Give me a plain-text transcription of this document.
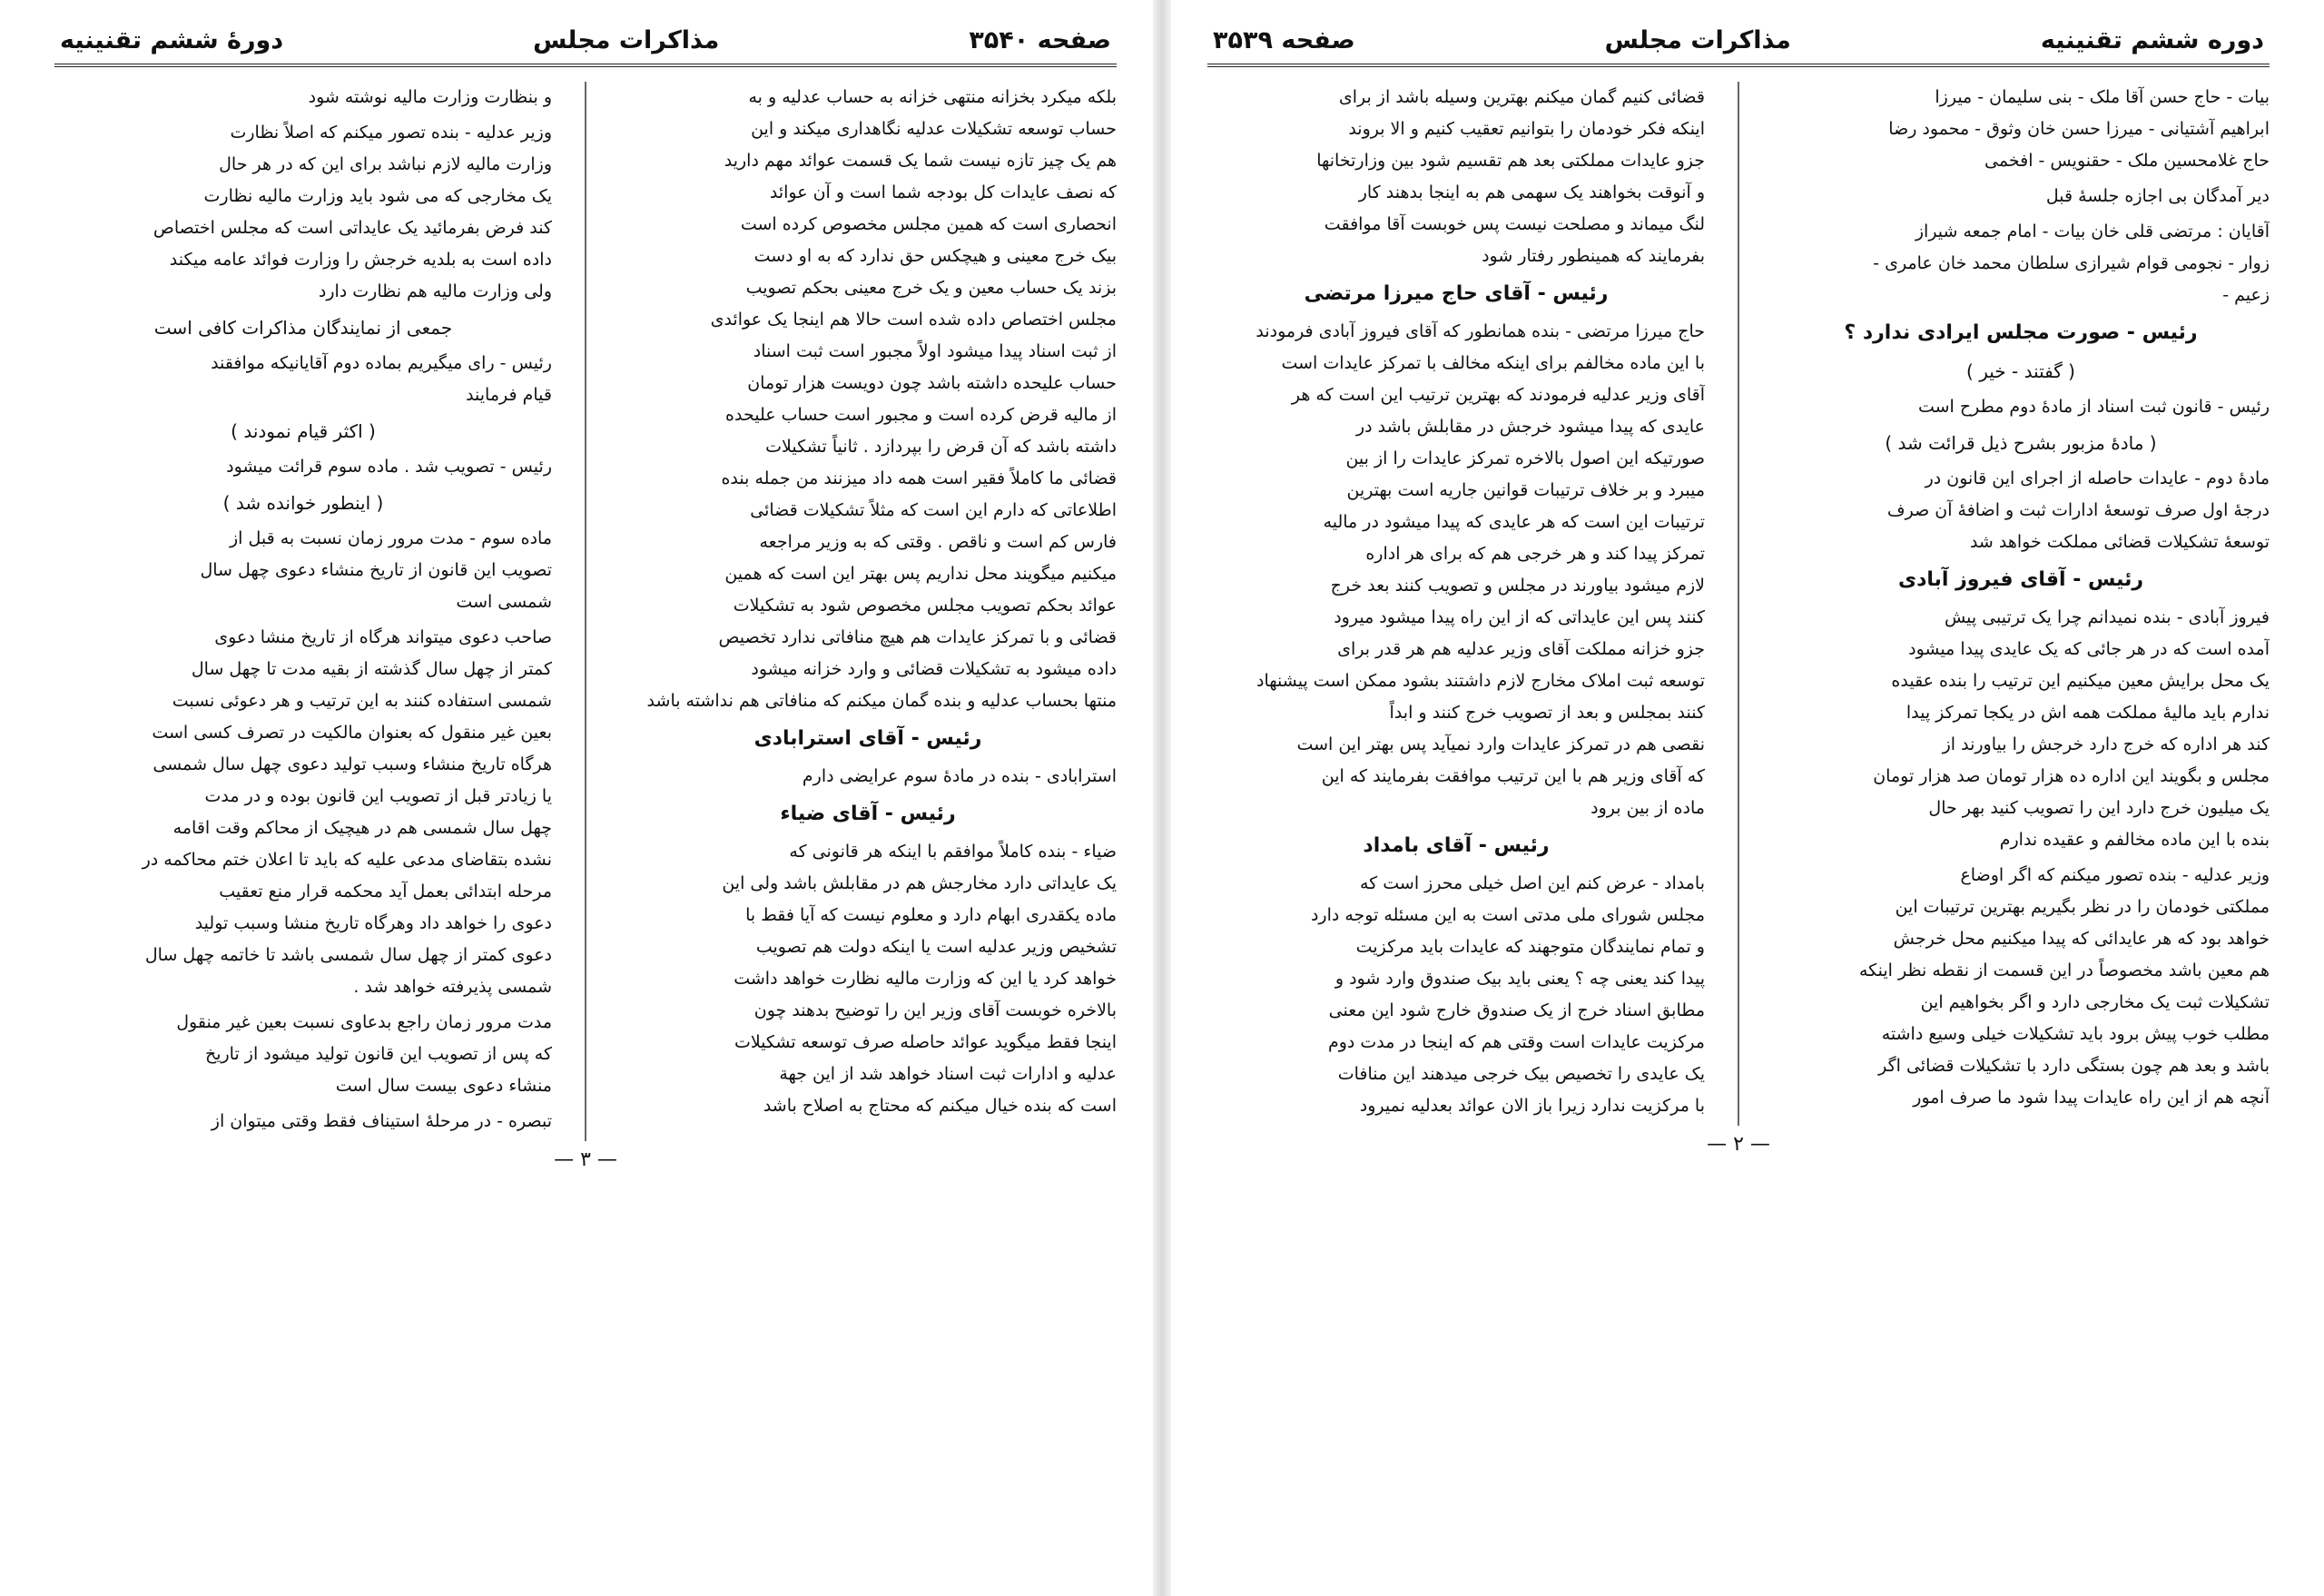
صفحه ۳۵۴۰
مذاکرات مجلس
دورهٔ ششم تقنینیه
بلکه میکرد بخزانه منتهی خزانه به حساب عدلیه و به
حساب توسعه تشکیلات عدلیه نگاهداری میکند و این
هم یک چیز تازه نیست شما یک قسمت عوائد مهم دارید
که نصف عایدات کل بودجه شما است و آن عوائد
انحصاری است که همین مجلس مخصوص کرده است
بیک خرج معینی و هیچکس حق ندارد که به او دست
بزند یک حساب معین و یک خرج معینی بحکم تصویب
مجلس اختصاص داده شده است حالا هم اینجا یک عوائدی
از ثبت اسناد پیدا میشود اولاً مجبور است ثبت اسناد
حساب علیحده داشته باشد چون دویست هزار تومان
از مالیه قرض کرده است و مجبور است حساب علیحده
داشته باشد که آن قرض را بپردازد . ثانیاً تشکیلات
قضائی ما کاملاً فقیر است همه داد میزنند من جمله بنده
اطلاعاتی که دارم این است که مثلاً تشکیلات قضائی
فارس کم است و ناقص . وقتی که به وزیر مراجعه
میکنیم میگویند محل نداریم پس بهتر این است که همین
عوائد بحکم تصویب مجلس مخصوص شود به تشکیلات
قضائی و با تمرکز عایدات هم هیچ منافاتی ندارد تخصیص
داده میشود به تشکیلات قضائی و وارد خزانه میشود
منتها بحساب عدلیه و بنده گمان میکنم که منافاتی هم نداشته باشد
رئیس - آقای استرابادی
استرابادی - بنده در مادهٔ سوم عرایضی دارم
رئیس - آقای ضیاء
ضیاء - بنده کاملاً موافقم با اینکه هر قانونی که
یک عایداتی دارد مخارجش هم در مقابلش باشد ولی این
ماده یکقدری ابهام دارد و معلوم نیست که آیا فقط با
تشخیص وزیر عدلیه است یا اینکه دولت هم تصویب
خواهد کرد یا این که وزارت مالیه نظارت خواهد داشت
بالاخره خوبست آقای وزیر این را توضیح بدهند چون
اینجا فقط میگوید عوائد حاصله صرف توسعه تشکیلات
عدلیه و ادارات ثبت اسناد خواهد شد از این جهة
است که بنده خیال میکنم که محتاج به اصلاح باشد
و بنظارت وزارت مالیه نوشته شود
وزیر عدلیه - بنده تصور میکنم که اصلاً نظارت
وزارت مالیه لازم نباشد برای این که در هر حال
یک مخارجی که می شود باید وزارت مالیه نظارت
کند فرض بفرمائید یک عایداتی است که مجلس اختصاص
داده است به بلدیه خرجش را وزارت فوائد عامه میکند
ولی وزارت مالیه هم نظارت دارد
جمعی از نمایندگان مذاکرات کافی است
رئیس - رای میگیریم بماده دوم آقایانیکه موافقند
قیام فرمایند
( اکثر قیام نمودند )
رئیس - تصویب شد . ماده سوم قرائت میشود
( اینطور خوانده شد )
ماده سوم - مدت مرور زمان نسبت به قبل از
تصویب این قانون از تاریخ منشاء دعوی چهل سال
شمسی است
صاحب دعوی میتواند هرگاه از تاریخ منشا دعوی
کمتر از چهل سال گذشته از بقیه مدت تا چهل سال
شمسی استفاده کنند به این ترتیب و هر دعوئی نسبت
بعین غیر منقول که بعنوان مالکیت در تصرف کسی است
هرگاه تاریخ منشاء وسبب تولید دعوی چهل سال شمسی
یا زیادتر قبل از تصویب این قانون بوده و در مدت
چهل سال شمسی هم در هیچیک از محاکم وقت اقامه
نشده بتقاضای مدعی علیه که باید تا اعلان ختم محاکمه در
مرحله ابتدائی بعمل آید محکمه قرار منع تعقیب
دعوی را خواهد داد وهرگاه تاریخ منشا وسبب تولید
دعوی کمتر از چهل سال شمسی باشد تا خاتمه چهل سال
شمسی پذیرفته خواهد شد .
مدت مرور زمان راجع بدعاوی نسبت بعین غیر منقول
که پس از تصویب این قانون تولید میشود از تاریخ
منشاء دعوی بیست سال است
تبصره - در مرحلهٔ استیناف فقط وقتی میتوان از
— ۳ —
دوره ششم تقنینیه
مذاکرات مجلس
صفحه ۳۵۳۹
بیات - حاج حسن آقا ملک - بنی سلیمان - میرزا
ابراهیم آشتیانی - میرزا حسن خان وثوق - محمود رضا
حاج غلامحسین ملک - حقنویس - افخمی
دیر آمدگان بی اجازه جلسهٔ قبل
آقایان : مرتضی قلی خان بیات - امام جمعه شیراز
زوار - نجومی قوام شیرازی سلطان محمد خان عامری -
زعیم -
رئیس - صورت مجلس ایرادی ندارد ؟
( گفتند - خیر )
رئیس - قانون ثبت اسناد از مادهٔ دوم مطرح است
( مادهٔ مزبور بشرح ذیل قرائت شد )
مادهٔ دوم - عایدات حاصله از اجرای این قانون در
درجهٔ اول صرف توسعهٔ ادارات ثبت و اضافهٔ آن صرف
توسعهٔ تشکیلات قضائی مملکت خواهد شد
رئیس - آقای فیروز آبادی
فیروز آبادی - بنده نمیدانم چرا یک ترتیبی پیش
آمده است که در هر جائی که یک عایدی پیدا میشود
یک محل برایش معین میکنیم این ترتیب را بنده عقیده
ندارم باید مالیهٔ مملکت همه اش در یکجا تمرکز پیدا
کند هر اداره که خرج دارد خرجش را بیاورند از
مجلس و بگویند این اداره ده هزار تومان صد هزار تومان
یک میلیون خرج دارد این را تصویب کنید بهر حال
بنده با این ماده مخالفم و عقیده ندارم
وزیر عدلیه - بنده تصور میکنم که اگر اوضاع
مملکتی خودمان را در نظر بگیریم بهترین ترتیبات این
خواهد بود که هر عایدائی که پیدا میکنیم محل خرجش
هم معین باشد مخصوصاً در این قسمت از نقطه نظر اینکه
تشکیلات ثبت یک مخارجی دارد و اگر بخواهیم این
مطلب خوب پیش برود باید تشکیلات خیلی وسیع داشته
باشد و بعد هم چون بستگی دارد با تشکیلات قضائی اگر
آنچه هم از این راه عایدات پیدا شود ما صرف امور
قضائی کنیم گمان میکنم بهترین وسیله باشد از برای
اینکه فکر خودمان را بتوانیم تعقیب کنیم و الا بروند
جزو عایدات مملکتی بعد هم تقسیم شود بین وزارتخانها
و آنوقت بخواهند یک سهمی هم به اینجا بدهند کار
لنگ میماند و مصلحت نیست پس خوبست آقا موافقت
بفرمایند که همینطور رفتار شود
رئیس - آقای حاج میرزا مرتضی
حاج میرزا مرتضی - بنده همانطور که آقای فیروز آبادی فرمودند
با این ماده مخالفم برای اینکه مخالف با تمرکز عایدات است
آقای وزیر عدلیه فرمودند که بهترین ترتیب این است که هر
عایدی که پیدا میشود خرجش در مقابلش باشد در
صورتیکه این اصول بالاخره تمرکز عایدات را از بین
میبرد و بر خلاف ترتیبات قوانین جاریه است بهترین
ترتیبات این است که هر عایدی که پیدا میشود در مالیه
تمرکز پیدا کند و هر خرجی هم که برای هر اداره
لازم میشود بیاورند در مجلس و تصویب کنند بعد خرج
کنند پس این عایداتی که از این راه پیدا میشود میرود
جزو خزانه مملکت آقای وزیر عدلیه هم هر قدر برای
توسعه ثبت املاک مخارج لازم داشتند بشود ممکن است پیشنهاد
کنند بمجلس و بعد از تصویب خرج کنند و ابداً
نقصی هم در تمرکز عایدات وارد نمیآید پس بهتر این است
که آقای وزیر هم با این ترتیب موافقت بفرمایند که این
ماده از بین برود
رئیس - آقای بامداد
بامداد - عرض کنم این اصل خیلی محرز است که
مجلس شورای ملی مدتی است به این مسئله توجه دارد
و تمام نمایندگان متوجهند که عایدات باید مرکزیت
پیدا کند یعنی چه ؟ یعنی باید بیک صندوق وارد شود و
مطابق اسناد خرج از یک صندوق خارج شود این معنی
مرکزیت عایدات است وقتی هم که اینجا در مدت دوم
یک عایدی را تخصیص بیک خرجی میدهند این منافات
با مرکزیت ندارد زیرا باز الان عوائد بعدلیه نمیرود
— ۲ —
